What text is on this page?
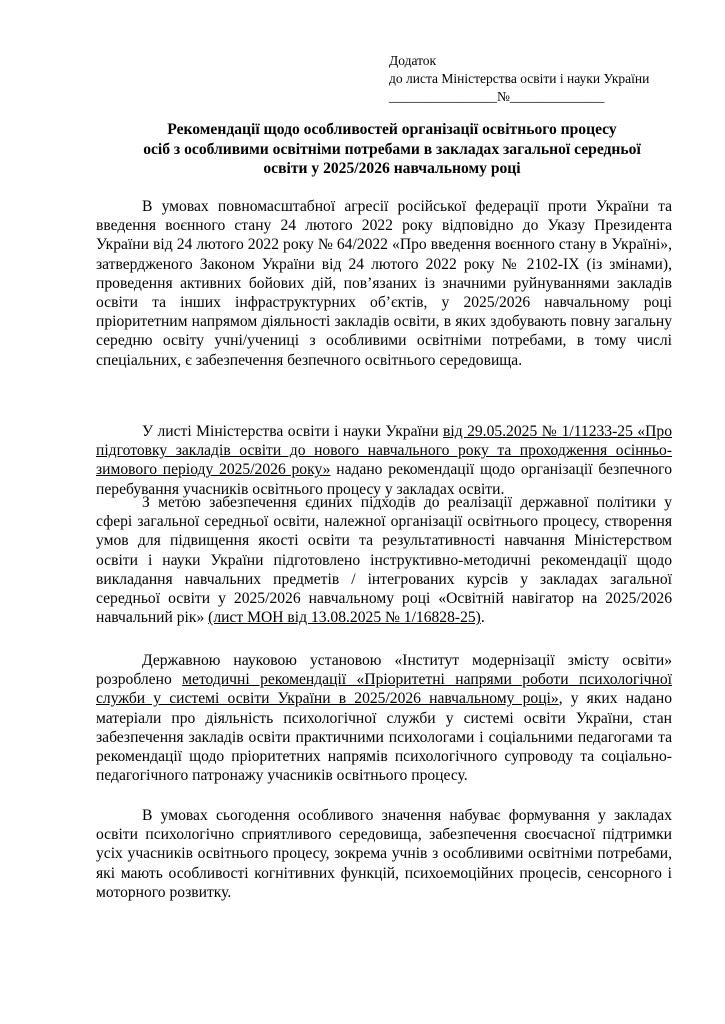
Додаток
до листа Міністерства освіти і науки України
________________№______________
Рекомендації щодо особливостей організації освітнього процесу
осіб з особливими освітніми потребами в закладах загальної середньої
освіти у 2025/2026 навчальному році

В умовах повномасштабної агресії російської федерації проти України та введення воєнного стану 24 лютого 2022 року відповідно до Указу Президента України від 24 лютого 2022 року № 64/2022 «Про введення воєнного стану в Україні», затвердженого Законом України від 24 лютого 2022 року № 2102-IX (із змінами), проведення активних бойових дій, пов’язаних із значними руйнуваннями закладів освіти та інших інфраструктурних об’єктів, у 2025/2026 навчальному році пріоритетним напрямом діяльності закладів освіти, в яких здобувають повну загальну середню освіту учні/учениці з особливими освітніми потребами, в тому числі спеціальних, є забезпечення безпечного освітнього середовища.

У листі Міністерства освіти і науки України від 29.05.2025 № 1/11233-25 «Про підготовку закладів освіти до нового навчального року та проходження осінньо-зимового періоду 2025/2026 року» надано рекомендації щодо організації безпечного перебування учасників освітнього процесу у закладах освіти.

З метою забезпечення єдиних підходів до реалізації державної політики у сфері загальної середньої освіти, належної організації освітнього процесу, створення умов для підвищення якості освіти та результативності навчання Міністерством освіти і науки України підготовлено інструктивно-методичні рекомендації щодо викладання навчальних предметів / інтегрованих курсів у закладах загальної середньої освіти у 2025/2026 навчальному році «Освітній навігатор на 2025/2026 навчальний рік» (лист МОН від 13.08.2025 № 1/16828-25).

Державною науковою установою «Інститут модернізації змісту освіти» розроблено методичні рекомендації «Пріоритетні напрями роботи психологічної служби у системі освіти України в 2025/2026 навчальному році», у яких надано матеріали про діяльність психологічної служби у системі освіти України, стан забезпечення закладів освіти практичними психологами і соціальними педагогами та рекомендації щодо пріоритетних напрямів психологічного супроводу та соціально-педагогічного патронажу учасників освітнього процесу.

В умовах сьогодення особливого значення набуває формування у закладах освіти психологічно сприятливого середовища, забезпечення своєчасної підтримки усіх учасників освітнього процесу, зокрема учнів з особливими освітніми потребами, які мають особливості когнітивних функцій, психоемоційних процесів, сенсорного і моторного розвитку.
